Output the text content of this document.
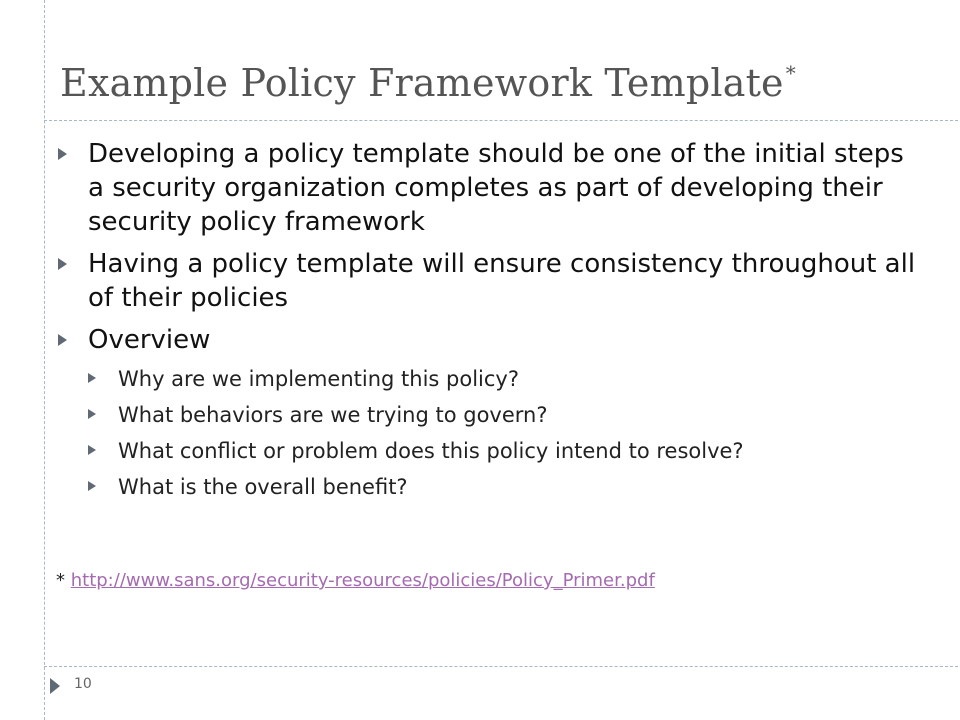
Example Policy Framework Template *
Developing a policy template should be one of the initial steps a security organization completes as part of developing their security policy framework
Having a policy template will ensure consistency throughout all of their policies
Overview
Why are we implementing this policy?
What behaviors are we trying to govern?
What conflict or problem does this policy intend to resolve?
What is the overall benefit?
* http://www.sans.org/security-resources/policies/Policy_Primer.pdf
10
